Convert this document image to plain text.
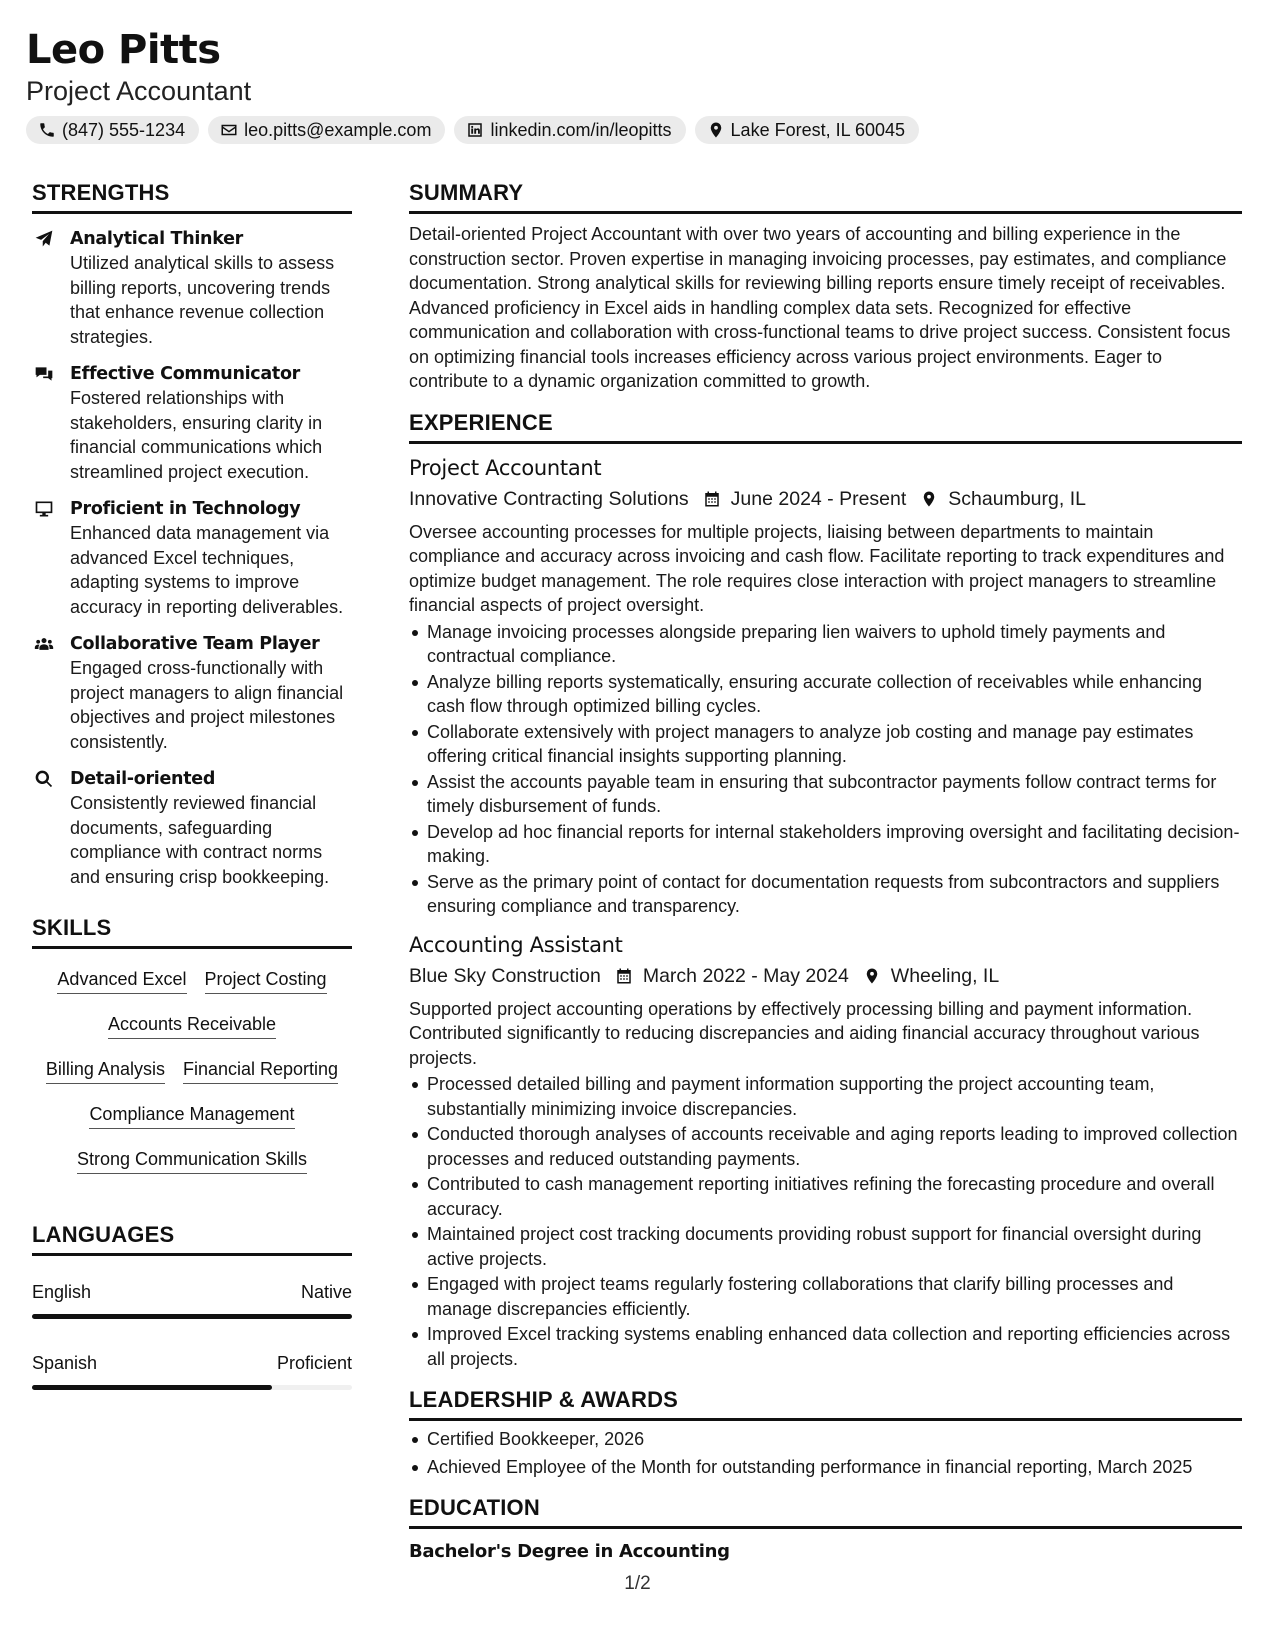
Leo Pitts
Project Accountant
(847) 555-1234	leo.pitts@example.com	linkedin.com/in/leopitts	Lake Forest, IL 60045
STRENGTHS
Analytical Thinker
Utilized analytical skills to assess billing reports, uncovering trends that enhance revenue collection strategies.
Effective Communicator
Fostered relationships with stakeholders, ensuring clarity in financial communications which streamlined project execution.
Proficient in Technology
Enhanced data management via advanced Excel techniques, adapting systems to improve accuracy in reporting deliverables.
Collaborative Team Player
Engaged cross-functionally with project managers to align financial objectives and project milestones consistently.
Detail-oriented
Consistently reviewed financial documents, safeguarding compliance with contract norms and ensuring crisp bookkeeping.
SKILLS
Advanced Excel Project Costing
Accounts Receivable
Billing Analysis Financial Reporting
Compliance Management
Strong Communication Skills
LANGUAGES
English	Native
Spanish	Proficient
SUMMARY
Detail-oriented Project Accountant with over two years of accounting and billing experience in the construction sector. Proven expertise in managing invoicing processes, pay estimates, and compliance documentation. Strong analytical skills for reviewing billing reports ensure timely receipt of receivables. Advanced proficiency in Excel aids in handling complex data sets. Recognized for effective communication and collaboration with cross-functional teams to drive project success. Consistent focus on optimizing financial tools increases efficiency across various project environments. Eager to contribute to a dynamic organization committed to growth.
EXPERIENCE
Project Accountant
Innovative Contracting Solutions June 2024 - Present Schaumburg, IL
Oversee accounting processes for multiple projects, liaising between departments to maintain compliance and accuracy across invoicing and cash flow. Facilitate reporting to track expenditures and optimize budget management. The role requires close interaction with project managers to streamline financial aspects of project oversight.
Manage invoicing processes alongside preparing lien waivers to uphold timely payments and contractual compliance.
Analyze billing reports systematically, ensuring accurate collection of receivables while enhancing cash flow through optimized billing cycles.
Collaborate extensively with project managers to analyze job costing and manage pay estimates offering critical financial insights supporting planning.
Assist the accounts payable team in ensuring that subcontractor payments follow contract terms for timely disbursement of funds.
Develop ad hoc financial reports for internal stakeholders improving oversight and facilitating decision-making.
Serve as the primary point of contact for documentation requests from subcontractors and suppliers ensuring compliance and transparency.
Accounting Assistant
Blue Sky Construction March 2022 - May 2024 Wheeling, IL
Supported project accounting operations by effectively processing billing and payment information. Contributed significantly to reducing discrepancies and aiding financial accuracy throughout various projects.
Processed detailed billing and payment information supporting the project accounting team, substantially minimizing invoice discrepancies.
Conducted thorough analyses of accounts receivable and aging reports leading to improved collection processes and reduced outstanding payments.
Contributed to cash management reporting initiatives refining the forecasting procedure and overall accuracy.
Maintained project cost tracking documents providing robust support for financial oversight during active projects.
Engaged with project teams regularly fostering collaborations that clarify billing processes and manage discrepancies efficiently.
Improved Excel tracking systems enabling enhanced data collection and reporting efficiencies across all projects.
LEADERSHIP & AWARDS
Certified Bookkeeper, 2026
Achieved Employee of the Month for outstanding performance in financial reporting, March 2025
EDUCATION
Bachelor's Degree in Accounting
1/2
